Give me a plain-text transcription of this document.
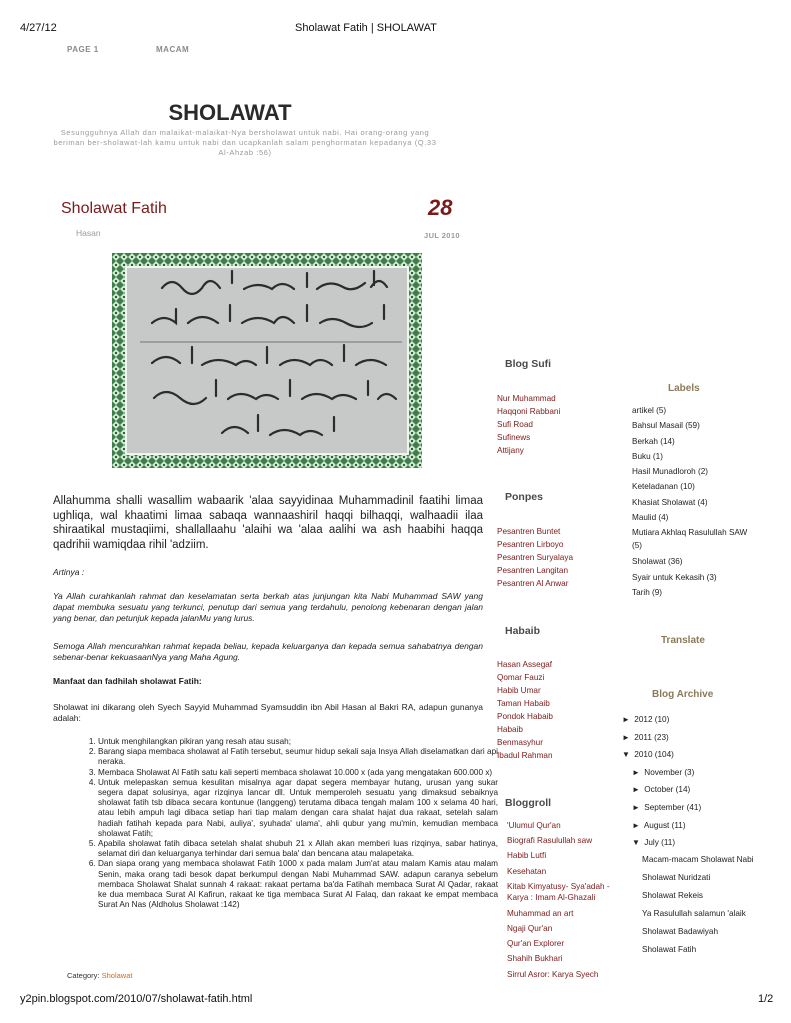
4/27/12	Sholawat Fatih | SHOLAWAT
PAGE 1	MACAM
SHOLAWAT
Sesungguhnya Allah dan malaikat-malaikat-Nya bersholawat untuk nabi. Hai orang-orang yang beriman ber-sholawat-lah kamu untuk nabi dan ucapkanlah salam penghormatan kepadanya (Q.33 Al-Ahzab :56)
Sholawat Fatih	28
Hasan	JUL 2010
Allahumma shalli wasallim wabaarik 'alaa sayyidinaa Muhammadinil faatihi limaa ughliqa, wal khaatimi limaa sabaqa wannaashiril haqqi bilhaqqi, walhaadii ilaa shiraatikal mustaqiimi, shallallaahu 'alaihi wa 'alaa aalihi wa ash haabihi haqqa qadrihii wamiqdaa rihil 'adziim.
Artinya :
Ya Allah curahkanlah rahmat dan keselamatan serta berkah atas junjungan kita Nabi Muhammad SAW yang dapat membuka sesuatu yang terkunci, penutup dari semua yang terdahulu, penolong kebenaran dengan jalan yang benar, dan petunjuk kepada jalanMu yang lurus.
Semoga Allah mencurahkan rahmat kepada beliau, kepada keluarganya dan kepada semua sahabatnya dengan sebenar-benar kekuasaanNya yang Maha Agung.
Manfaat dan fadhilah sholawat Fatih:
Sholawat ini dikarang oleh Syech Sayyid Muhammad Syamsuddin ibn Abil Hasan al Bakri RA, adapun gunanya adalah:
1. Untuk menghilangkan pikiran yang resah atau susah;
2. Barang siapa membaca sholawat al Fatih tersebut, seumur hidup sekali saja Insya Allah diselamatkan dari api neraka.
3. Membaca Sholawat Al Fatih satu kali seperti membaca sholawat 10.000 x (ada yang mengatakan 600.000 x)
4. Untuk melepaskan semua kesulitan misalnya agar dapat segera membayar hutang, urusan yang sukar segera dapat solusinya, agar rizqinya lancar dll. Untuk memperoleh sesuatu yang dimaksud sebaiknya sholawat fatih tsb dibaca secara kontunue (langgeng) terutama dibaca tengah malam 100 x selama 40 hari, atau lebih ampuh lagi dibaca setiap hari tiap malam dengan cara shalat hajat dua rakaat, setelah salam hadiah fatihah kepada para Nabi, auliya', syuhada' ulama', ahli qubur yang mu'min, kemudian membaca sholawat Fatih;
5. Apabila sholawat fatih dibaca setelah shalat shubuh 21 x Allah akan memberi luas rizqinya, sabar hatinya, selamat diri dan keluarganya terhindar dari semua bala' dan bencana atau malapetaka.
6. Dan siapa orang yang membaca sholawat Fatih 1000 x pada malam Jum'at atau malam Kamis atau malam Senin, maka orang tadi besok dapat berkumpul dengan Nabi Muhammad SAW. adapun caranya sebelum membaca Sholawat Shalat sunnah 4 rakaat: rakaat pertama ba'da Fatihah membaca Surat Al Qadar, rakaat ke dua membaca Surat Al Kafirun, rakaat ke tiga membaca Surat Al Falaq, dan rakaat ke empat membaca Surat An Nas (Aldholus Sholawat :142)
Category: Sholawat
Blog Sufi
Nur Muhammad
Haqqoni Rabbani
Sufi Road
Sufinews
Attijany
Ponpes
Pesantren Buntet
Pesantren Lirboyo
Pesantren Suryalaya
Pesantren Langitan
Pesantren Al Anwar
Habaib
Hasan Assegaf
Qomar Fauzi
Habib Umar
Taman Habaib
Pondok Habaib
Habaib
Benmasyhur
Ibadul Rahman
Bloggroll
'Ulumul Qur'an
Biografi Rasulullah saw
Habib Lutfi
Kesehatan
Kitab Kimyatusy- Sya'adah - Karya : Imam Al-Ghazali
Muhammad an art
Ngaji Qur'an
Qur'an Explorer
Shahih Bukhari
Sirrul Asror: Karya Syech
Labels
artikel (5)
Bahsul Masail (59)
Berkah (14)
Buku (1)
Hasil Munadloroh (2)
Keteladanan (10)
Khasiat Sholawat (4)
Maulid (4)
Mutiara Akhlaq Rasulullah SAW (5)
Sholawat (36)
Syair untuk Kekasih (3)
Tarih (9)
Translate
Blog Archive
► 2012 (10)
► 2011 (23)
▼ 2010 (104)
► November (3)
► October (14)
► September (41)
► August (11)
▼ July (11)
Macam-macam Sholawat Nabi
Sholawat Nuridzati
Sholawat Rekeis
Ya Rasulullah salamun 'alaik
Sholawat Badawiyah
Sholawat Fatih
y2pin.blogspot.com/2010/07/sholawat-fatih.html	1/2
